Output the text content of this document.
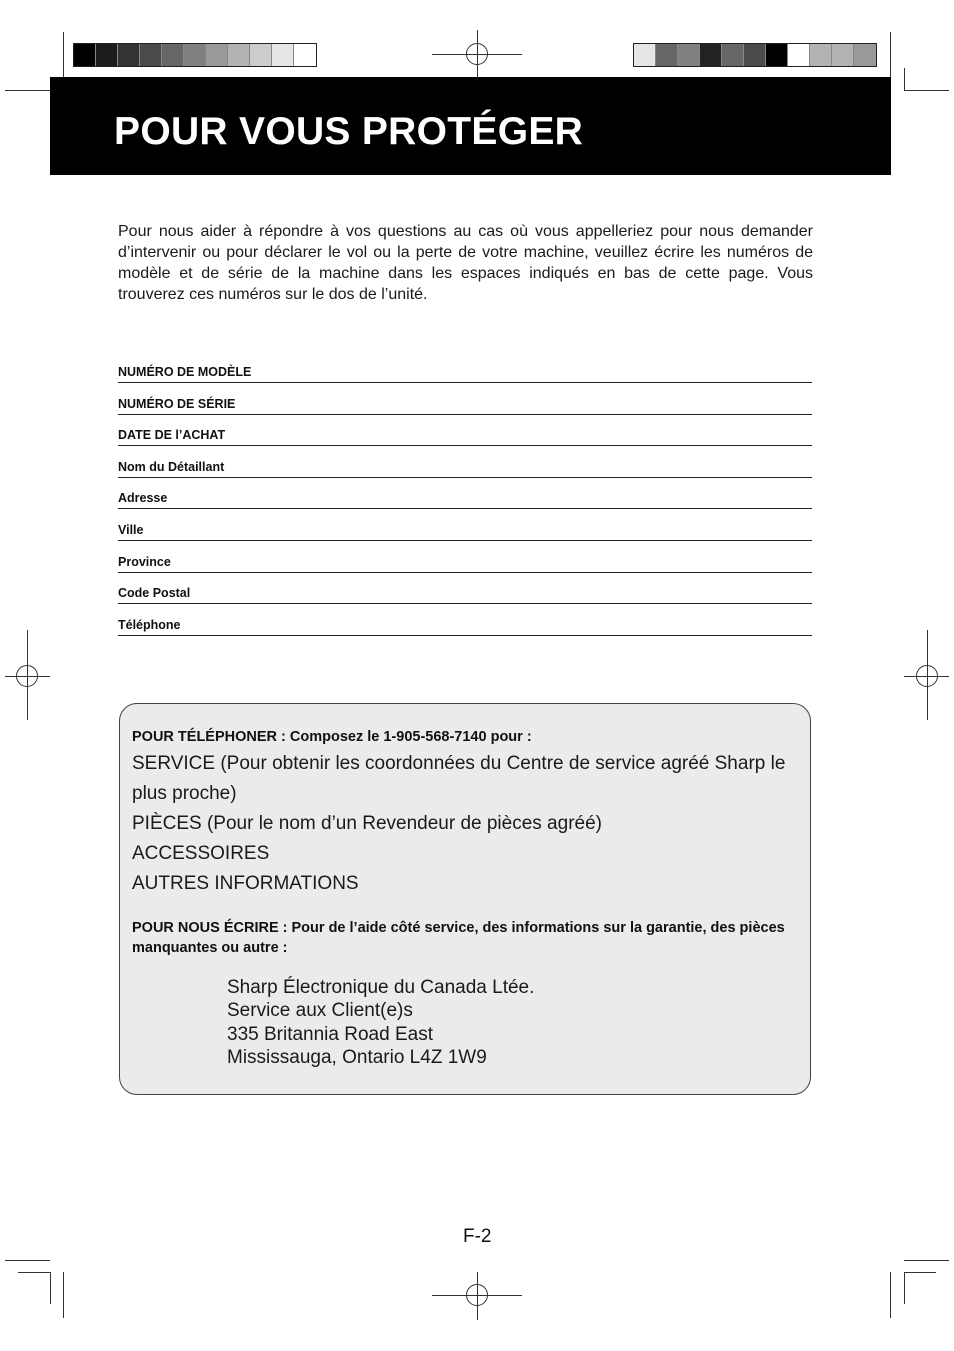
POUR VOUS PROTÉGER

Pour nous aider à répondre à vos questions au cas où vous appelleriez pour nous demander d’intervenir ou pour déclarer le vol ou la perte de votre machine, veuillez écrire les numéros de modèle et de série de la machine dans les espaces indiqués en bas de cette page. Vous trouverez ces numéros sur le dos de l’unité.

NUMÉRO DE MODÈLE
NUMÉRO DE SÉRIE
DATE DE l’ACHAT
Nom du Détaillant
Adresse
Ville
Province
Code Postal
Téléphone

POUR TÉLÉPHONER : Composez le 1-905-568-7140 pour :

SERVICE (Pour obtenir les coordonnées du Centre de service agréé Sharp le plus proche)
PIÈCES (Pour le nom d’un Revendeur de pièces agréé)
ACCESSOIRES
AUTRES INFORMATIONS

POUR NOUS ÉCRIRE : Pour de l’aide côté service, des informations sur la garantie, des pièces manquantes ou autre :

Sharp Électronique du Canada Ltée.
Service aux Client(e)s
335 Britannia Road East
Mississauga, Ontario L4Z 1W9
F-2
